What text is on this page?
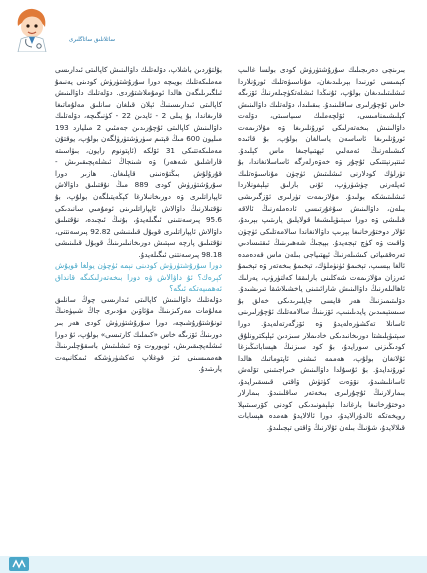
سائلانلىق سائاگلىرى

بىرىنچى دەرىجىلىك سۇرۇشتۈرۈش كودى بولسا غالىپ كېمىسى ئورنىدا بېرىلىدىغان، مۇناسىۋەتلىك ئورۇنلاردا ئىشلىتىلىدىغان بولۇپ، ئۇنىڭدا ئىشلەتكۈچىلەرنىڭ ئۆزىگە خاس ئۇچۇرلىرى ساقلىنىدۇ. بىقىلىدا، دۆلەتلىك داۋالىنىش كېلىشىمنامىسى، ئۆلچەملىك سىياسىتى، دۆلەت داۋالىنىش بىخەتەرلىكى ئورۇنلىرىغا ۋە مۇلازىمەت ئورۇنلىرىغا ئاساسەن ياسالغان بولۇپ، بۇ قائىدە كىشىلەرنىڭ ئەمەلىي ئېھتىياجىغا ماس كېلىدۇ. ئىنتېرنېتتىكى ئۇچۇر ۋە خەۋەرلەرگە ئاساسلانغاندا، بۇ تۈرلۈك كودلارنى ئىشلىتىش ئۈچۈن مۇناسىۋەتلىك ئەپلەرنى چۈشۈرۈپ، ئۇنى بارلىق تېلېفونلاردا ئىشلىتىشكە بولىدۇ. مۇلازىمەت تۈرلىرى ئۆزگىرىشى بىلەن، داۋالىنىش سۇغۇرتىسى ئادەملەرنىڭ ئالاقە قىلىشى ۋە دورا سېتىۋېلىشىغا قولايلىق يارىتىپ بېرىدۇ، ئۇلار دوختۇرخانىغا بېرىپ داۋالانغاندا سالامەتلىكى ئۈچۈن ۋاقىت ۋە كۈچ تېجەيدۇ. بېيجىڭ شەھىرىنىڭ ئىقتىسادىي تەرەققىياتى كىشىلەرنىڭ ئېھتىياجى بىلەن ماس قەدەمدە ئالغا بېسىپ، تېخىمۇ ئۈنۈملۈك، تېخىمۇ بىخەتەر ۋە تېخىمۇ ئەرزان مۇلازىمەت شەكلىنى بارلىققا كەلتۈرۈپ، يەرلىك ئاھالىلەرنىڭ داۋالىنىش شارائىتىنى ياخشىلاشقا تىرىشىدۇ. دۆلىتىمىزنىڭ ھەر قايسى جايلىرىدىكى خەلق بۇ سىستېمىدىن پايدىلىنىپ، ئۆزىنىڭ سالامەتلىك ئۇچۇرلىرىنى ئاسانلا تەكشۈرەلەيدۇ ۋە ئۆزگەرتەلەيدۇ. دورا سېتىۋېلىشتا دورىخانىدىكى خادىملار سىزدىن ئېلېكترونلۇق كودىڭىزنى سورايدۇ، بۇ كود سىزنىڭ ھېساباتىڭىزغا ئۇلانغان بولۇپ، ھەممە ئىشنى ئاپتوماتىك ھالدا ئورۇندايدۇ. بۇ ئۇسۇلدا داۋالىنىش خىراجىتىنى تۆلەش ئاسانلىشىدۇ، نۆۋەت كۈتۈش ۋاقتى قىسقىرايدۇ، بىمارلارنىڭ ئۇچۇرلىرى بىخەتەر ساقلىنىدۇ. بىمارلار دوختۇرخانىغا بارغاندا تېلېفونىدىكى كودنى كۆرسىتىپلا رويخەتكە ئالدۇرالايدۇ، دورا ئالالايدۇ ھەمدە ھېسابات قىلالايدۇ، شۇنىڭ بىلەن ئۇلارنىڭ ۋاقتى تېجىلىدۇ.

بۇلتۇردىن باشلاپ، دۆلەتلىك داۋالىنىش كاپالىتى ئىدارىسى مەملىكەتلىك بويىچە دورا سۇرۇشتۈرۈش كودىنى يەنىمۇ ئىلگىرىلىگەن ھالدا ئومۇملاشتۇردى. دۆلەتلىك داۋالىنىش كاپالىتى ئىدارىسىنىڭ ئېلان قىلغان سانلىق مەلۇماتىغا قارىغاندا، بۇ يىلى 2 - ئايدىن 22 - كۈنىگىچە، دۆلەتلىك داۋالىنىش كاپالىتى ئۇچۇرىدىن جەمئىي 2 مىليارد 193 مىليون 600 مىڭ قېتىم سۈرۈشتۈرۈلگەن بولۇپ، يوقتۇن مەملىكەتتىكى 31 ئۆلكە (ئاپتونوم رايون، بىۋاسىتە قاراشلىق شەھەر) ۋە شىنجاڭ ئىشلەپچىقىرىش - قۇرۇلۇش بىڭتۇەنىنى قاپلىغان. ھازىر دورا سۇرۇشتۈرۈش كودى 889 مىڭ نۇقتىلىق داۋالاش ئاپپاراتلىرى ۋە دورىخانىلارغا كېڭەيتىلگەن بولۇپ، بۇ نۇقتىلارنىڭ داۋالاش ئاپپاراتلىرىنى ئومۇمىي سانىدىكى 95.6 پىرسەنتىنى ئىگىلەيدۇ، بۇنىڭ ئىچىدە، نۇقتىلىق داۋالاش ئاپپاراتلىرى قوبۇل قىلىنىشى 92.82 پىرسەنتنى، نۇقتىلىق پارچە سېتىش دورىخانىلىرىنىڭ قوبۇل قىلىنىشى 98.18 پىرسەنتنى ئىگىلەيدۇ.

دورا سۇرۇشتۈرۈش كودىنى نېمە ئۈچۈن يولغا قويۇش كېرەك؟ ئۇ داۋالاش ۋە دورا بىخەتەرلىكىگە قانداق ئەھمىيەتكە ئىگە؟

دۆلەتلىك داۋالىنىش كاپالىتى ئىدارىسى چوڭ سانلىق مەلۇمات مەركىزىنىڭ مۇئاۋىن مۇدىرى جاڭ شىيۈەنىڭ تونۇشتۇرۇشىچە، دورا سۇرۇشتۈرۈش كودى ھەر بىر دورىنىڭ ئۆزىگە خاس «كىملىك كارتىسى» بولۇپ، ئۇ دورا ئىشلەپچىقىرىش، ئوبوروت ۋە ئىشلىتىش باسقۇچلىرىنىڭ ھەممىسىنى ئىز قوغلاپ تەكشۈرۈشكە ئىمكانىيەت يارىتىدۇ.
